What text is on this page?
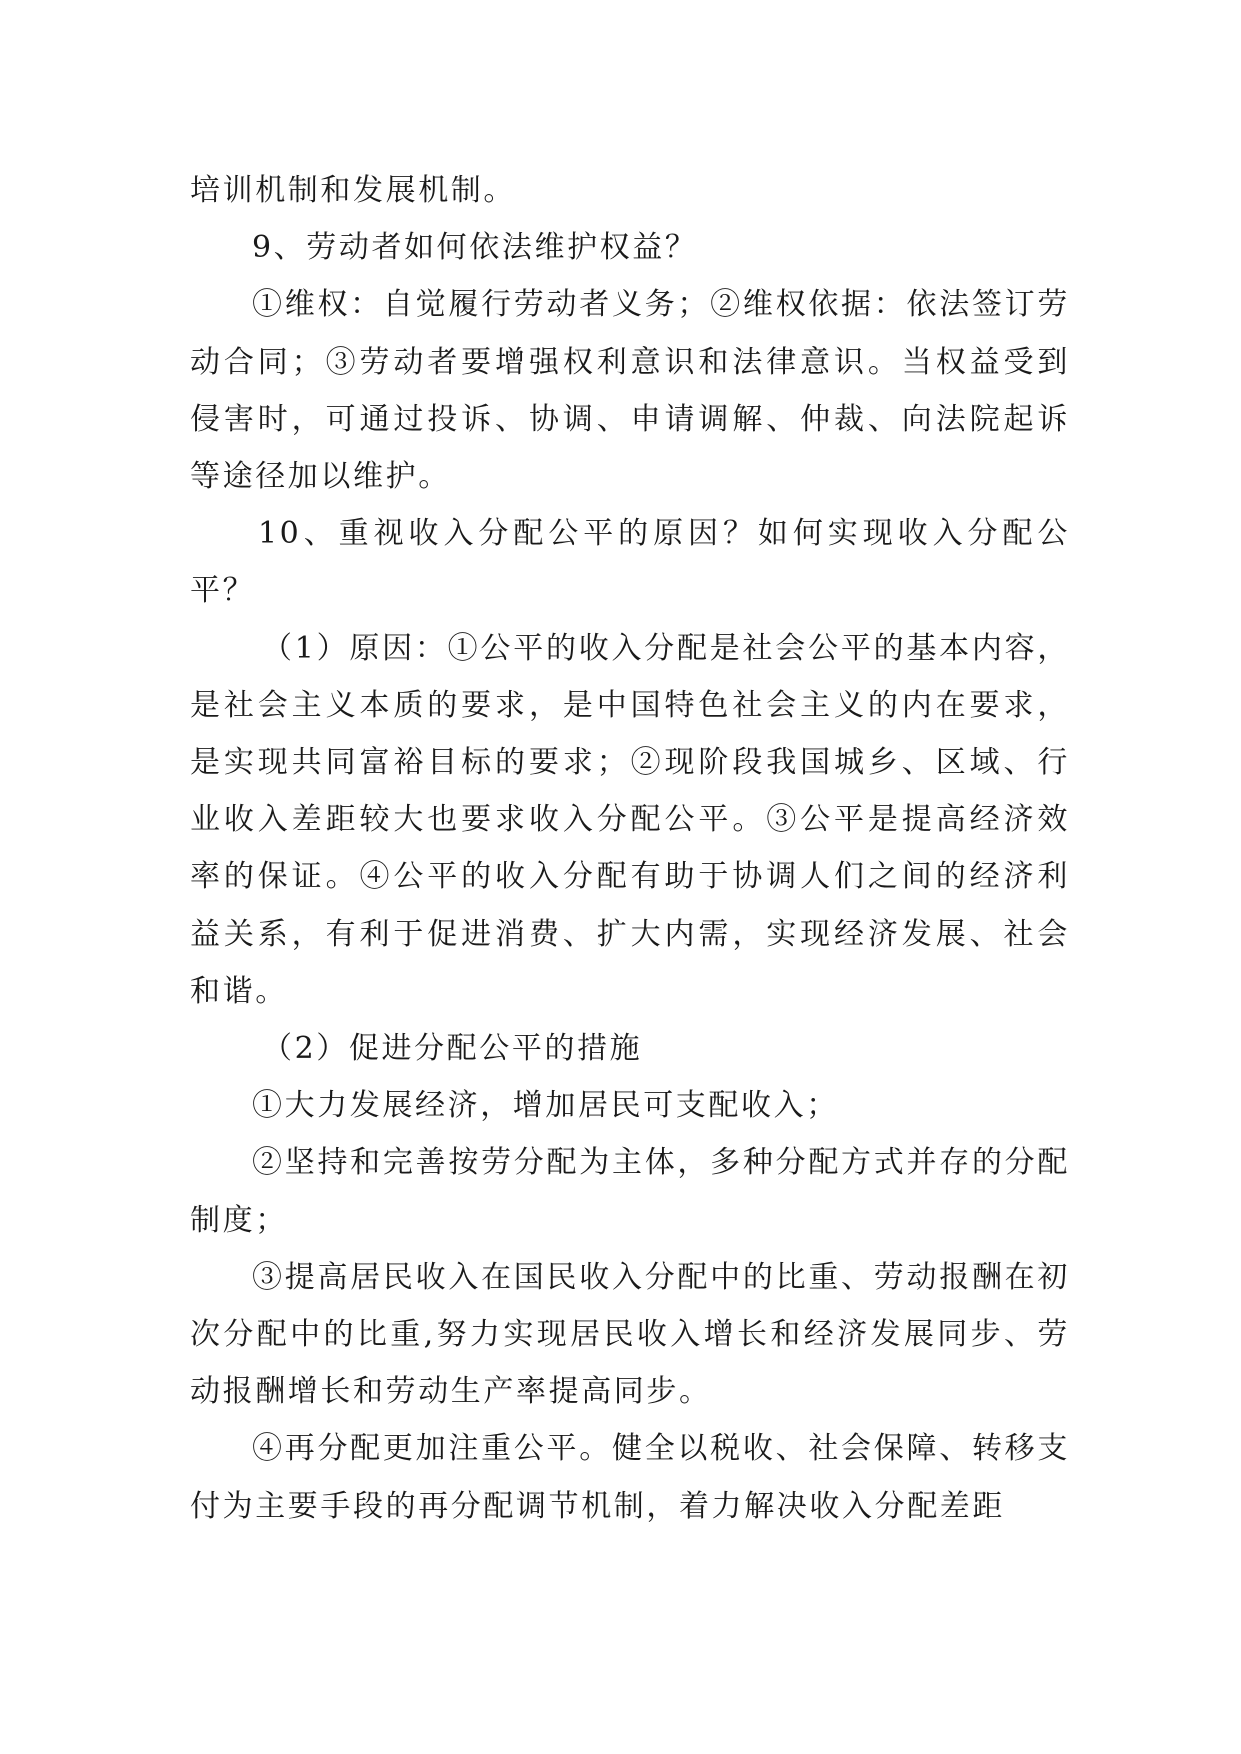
培训机制和发展机制。

9、劳动者如何依法维护权益？

①维权：自觉履行劳动者义务；②维权依据：依法签订劳动合同；③劳动者要增强权利意识和法律意识。当权益受到侵害时，可通过投诉、协调、申请调解、仲裁、向法院起诉等途径加以维护。

10、重视收入分配公平的原因？如何实现收入分配公平？

（1）原因：①公平的收入分配是社会公平的基本内容，是社会主义本质的要求，是中国特色社会主义的内在要求，是实现共同富裕目标的要求；②现阶段我国城乡、区域、行业收入差距较大也要求收入分配公平。③公平是提高经济效率的保证。④公平的收入分配有助于协调人们之间的经济利益关系，有利于促进消费、扩大内需，实现经济发展、社会和谐。

（2）促进分配公平的措施

①大力发展经济，增加居民可支配收入；

②坚持和完善按劳分配为主体，多种分配方式并存的分配制度；

③提高居民收入在国民收入分配中的比重、劳动报酬在初次分配中的比重,努力实现居民收入增长和经济发展同步、劳动报酬增长和劳动生产率提高同步。

④再分配更加注重公平。健全以税收、社会保障、转移支付为主要手段的再分配调节机制，着力解决收入分配差距
